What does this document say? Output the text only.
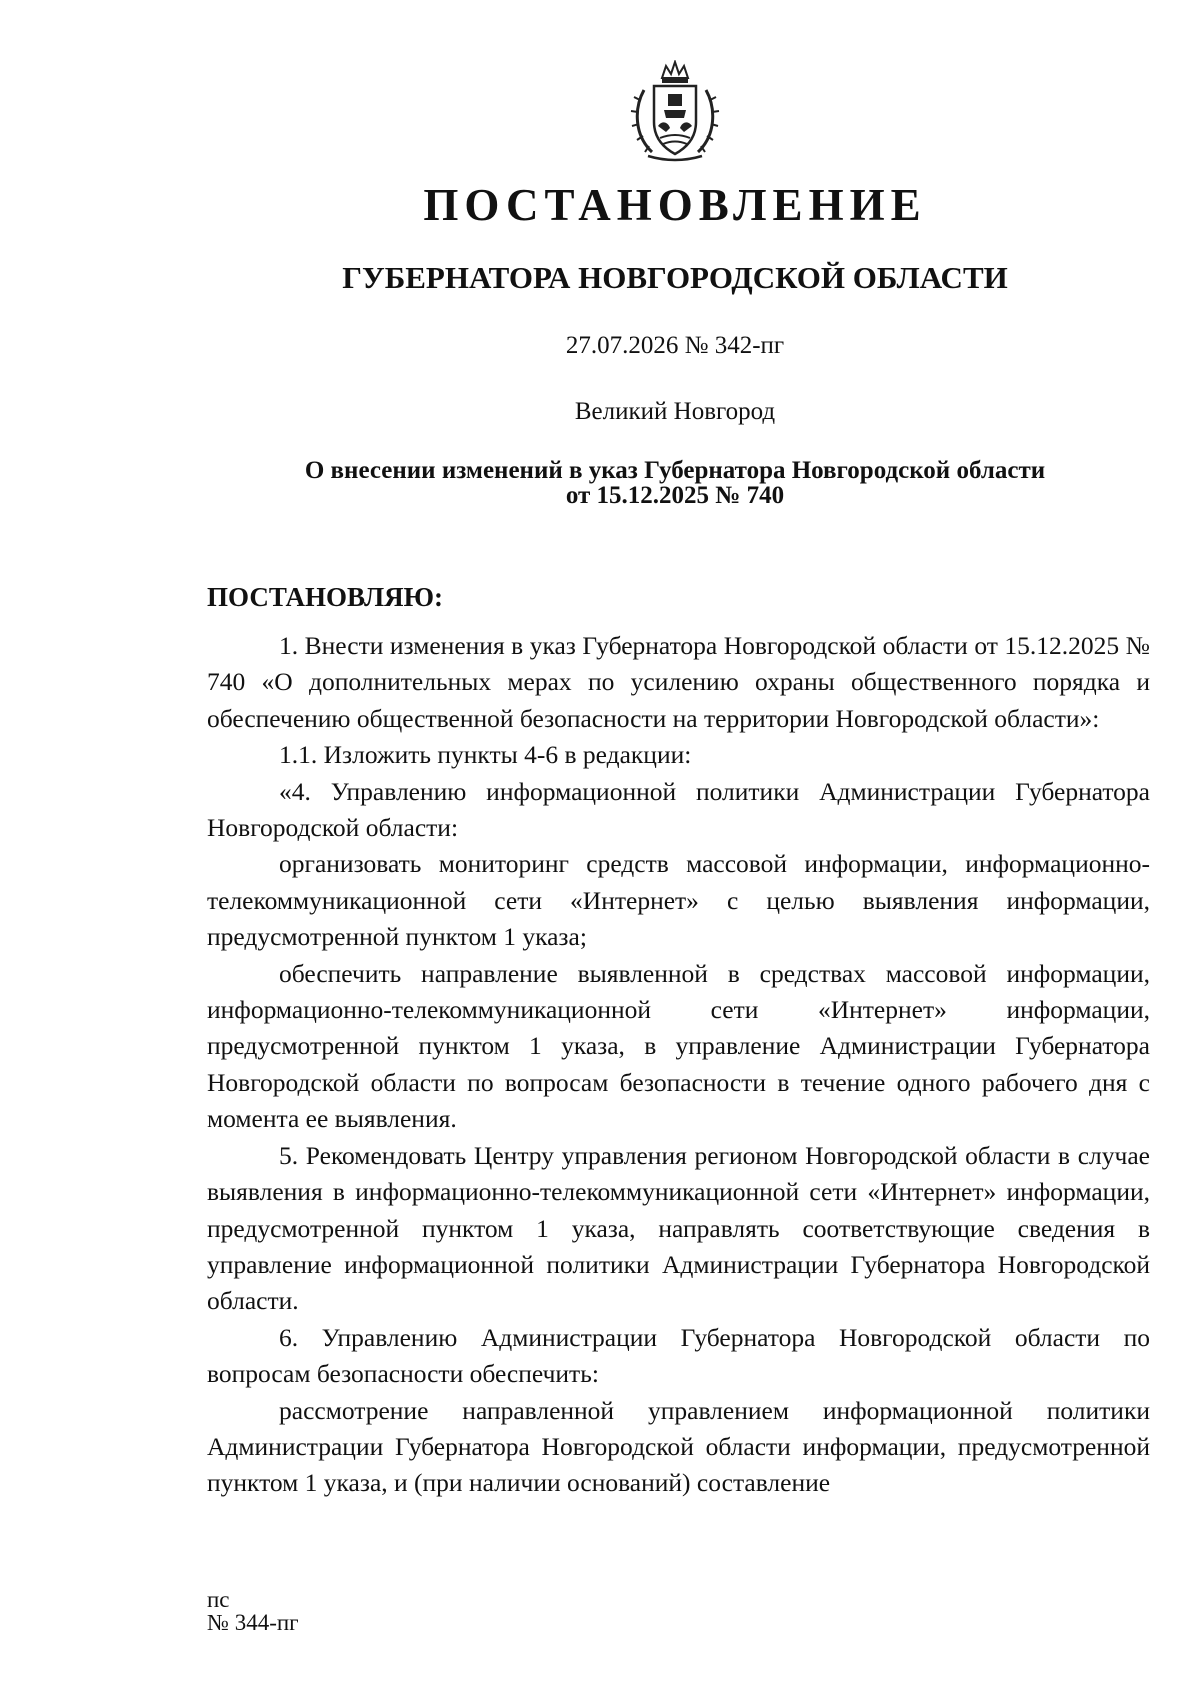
ПОСТАНОВЛЕНИЕ
ГУБЕРНАТОРА НОВГОРОДСКОЙ ОБЛАСТИ
27.07.2026 № 342-пг
Великий Новгород
О внесении изменений в указ Губернатора Новгородской области
от 15.12.2025 № 740
ПОСТАНОВЛЯЮ:

1. Внести изменения в указ Губернатора Новгородской области от 15.12.2025 № 740 «О дополнительных мерах по усилению охраны общественного порядка и обеспечению общественной безопасности на территории Новгородской области»:

1.1. Изложить пункты 4-6 в редакции:

«4. Управлению информационной политики Администрации Губернатора Новгородской области:

организовать мониторинг средств массовой информации, информационно-телекоммуникационной сети «Интернет» с целью выявления информации, предусмотренной пунктом 1 указа;

обеспечить направление выявленной в средствах массовой информации, информационно-телекоммуникационной сети «Интернет» информации, предусмотренной пунктом 1 указа, в управление Администрации Губернатора Новгородской области по вопросам безопасности в течение одного рабочего дня с момента ее выявления.

5. Рекомендовать Центру управления регионом Новгородской области в случае выявления в информационно-телекоммуникационной сети «Интернет» информации, предусмотренной пунктом 1 указа, направлять соответствующие сведения в управление информационной политики Администрации Губернатора Новгородской области.

6. Управлению Администрации Губернатора Новгородской области по вопросам безопасности обеспечить:

рассмотрение направленной управлением информационной политики Администрации Губернатора Новгородской области информации, предусмотренной пунктом 1 указа, и (при наличии оснований) составление

пс
№ 344-пг
